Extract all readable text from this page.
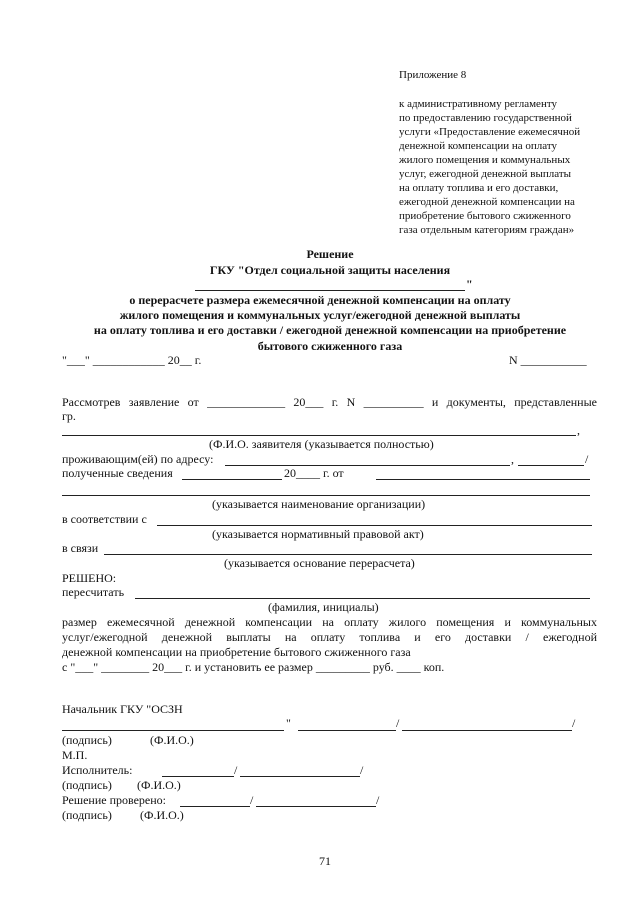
Приложение 8
к административному регламенту
по предоставлению государственной
услуги «Предоставление ежемесячной
денежной компенсации на оплату
жилого помещения и коммунальных
услуг, ежегодной денежной выплаты
на оплату топлива и его доставки,
ежегодной денежной компенсации на
приобретение бытового сжиженного
газа отдельным категориям граждан»
Решение
ГКУ "Отдел социальной защиты населения
"
о перерасчете размера ежемесячной денежной компенсации на оплату
жилого помещения и коммунальных услуг/ежегодной денежной выплаты
на оплату топлива и его доставки / ежегодной денежной компенсации на приобретение
бытового сжиженного газа
"___" ____________ 20__ г.	N ___________
Рассмотрев заявление от _____________ 20___ г. N __________ и документы, представленные
гр.
,
(Ф.И.О. заявителя (указывается полностью)
проживающим(ей) по адресу:	,	/
полученные сведения	20____ г. от
(указывается наименование организации)
в соответствии с
(указывается нормативный правовой акт)
в связи
(указывается основание перерасчета)
РЕШЕНО:
пересчитать
(фамилия, инициалы)
размер ежемесячной денежной компенсации на оплату жилого помещения и коммунальных
услуг/ежегодной денежной выплаты на оплату топлива и его доставки / ежегодной
денежной компенсации на приобретение бытового сжиженного газа
с "___" ________ 20___ г. и установить ее размер _________ руб. ____ коп.
Начальник ГКУ "ОСЗН
"	/	/
(подпись)	(Ф.И.О.)
М.П.
Исполнитель:	/	/
(подпись) (Ф.И.О.)
Решение проверено:	/	/
(подпись) (Ф.И.О.)
71
